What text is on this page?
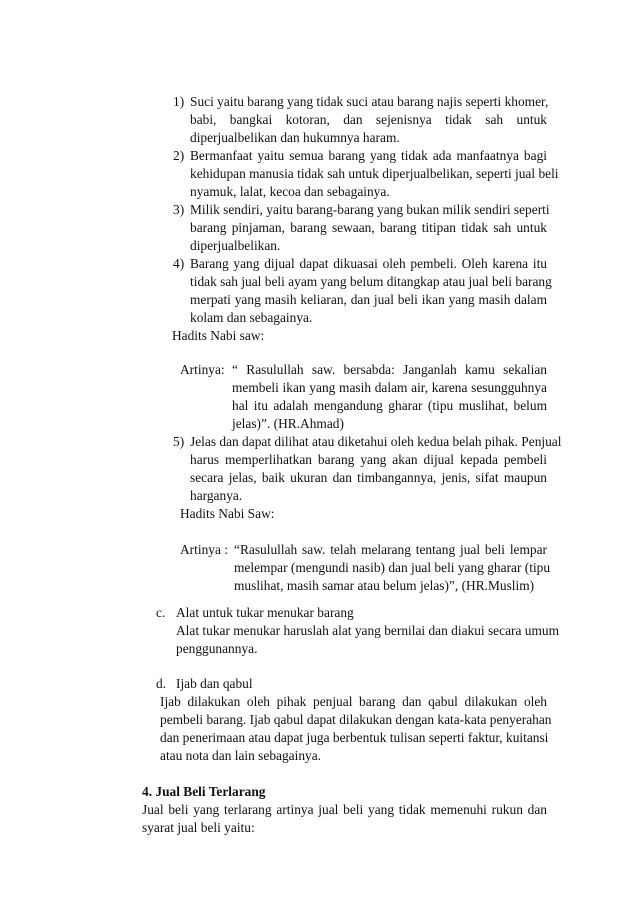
1) Suci yaitu barang yang tidak suci atau barang najis seperti khomer,
babi, bangkai kotoran, dan sejenisnya tidak sah untuk
diperjualbelikan dan hukumnya haram.
2) Bermanfaat yaitu semua barang yang tidak ada manfaatnya bagi
kehidupan manusia tidak sah untuk diperjualbelikan, seperti jual beli
nyamuk, lalat, kecoa dan sebagainya.
3) Milik sendiri, yaitu barang-barang yang bukan milik sendiri seperti
barang pinjaman, barang sewaan, barang titipan tidak sah untuk
diperjualbelikan.
4) Barang yang dijual dapat dikuasai oleh pembeli. Oleh karena itu
tidak sah jual beli ayam yang belum ditangkap atau jual beli barang
merpati yang masih keliaran, dan jual beli ikan yang masih dalam
kolam dan sebagainya.
Hadits Nabi saw:
Artinya: “ Rasulullah saw. bersabda: Janganlah kamu sekalian
membeli ikan yang masih dalam air, karena sesungguhnya
hal itu adalah mengandung gharar (tipu muslihat, belum
jelas)”. (HR.Ahmad)
5) Jelas dan dapat dilihat atau diketahui oleh kedua belah pihak. Penjual
harus memperlihatkan barang yang akan dijual kepada pembeli
secara jelas, baik ukuran dan timbangannya, jenis, sifat maupun
harganya.
Hadits Nabi Saw:
Artinya : “Rasulullah saw. telah melarang tentang jual beli lempar
melempar (mengundi nasib) dan jual beli yang gharar (tipu
muslihat, masih samar atau belum jelas)”, (HR.Muslim)
c. Alat untuk tukar menukar barang
Alat tukar menukar haruslah alat yang bernilai dan diakui secara umum
penggunannya.
d. Ijab dan qabul
Ijab dilakukan oleh pihak penjual barang dan qabul dilakukan oleh
pembeli barang. Ijab qabul dapat dilakukan dengan kata-kata penyerahan
dan penerimaan atau dapat juga berbentuk tulisan seperti faktur, kuitansi
atau nota dan lain sebagainya.
4. Jual Beli Terlarang
Jual beli yang terlarang artinya jual beli yang tidak memenuhi rukun dan
syarat jual beli yaitu:
